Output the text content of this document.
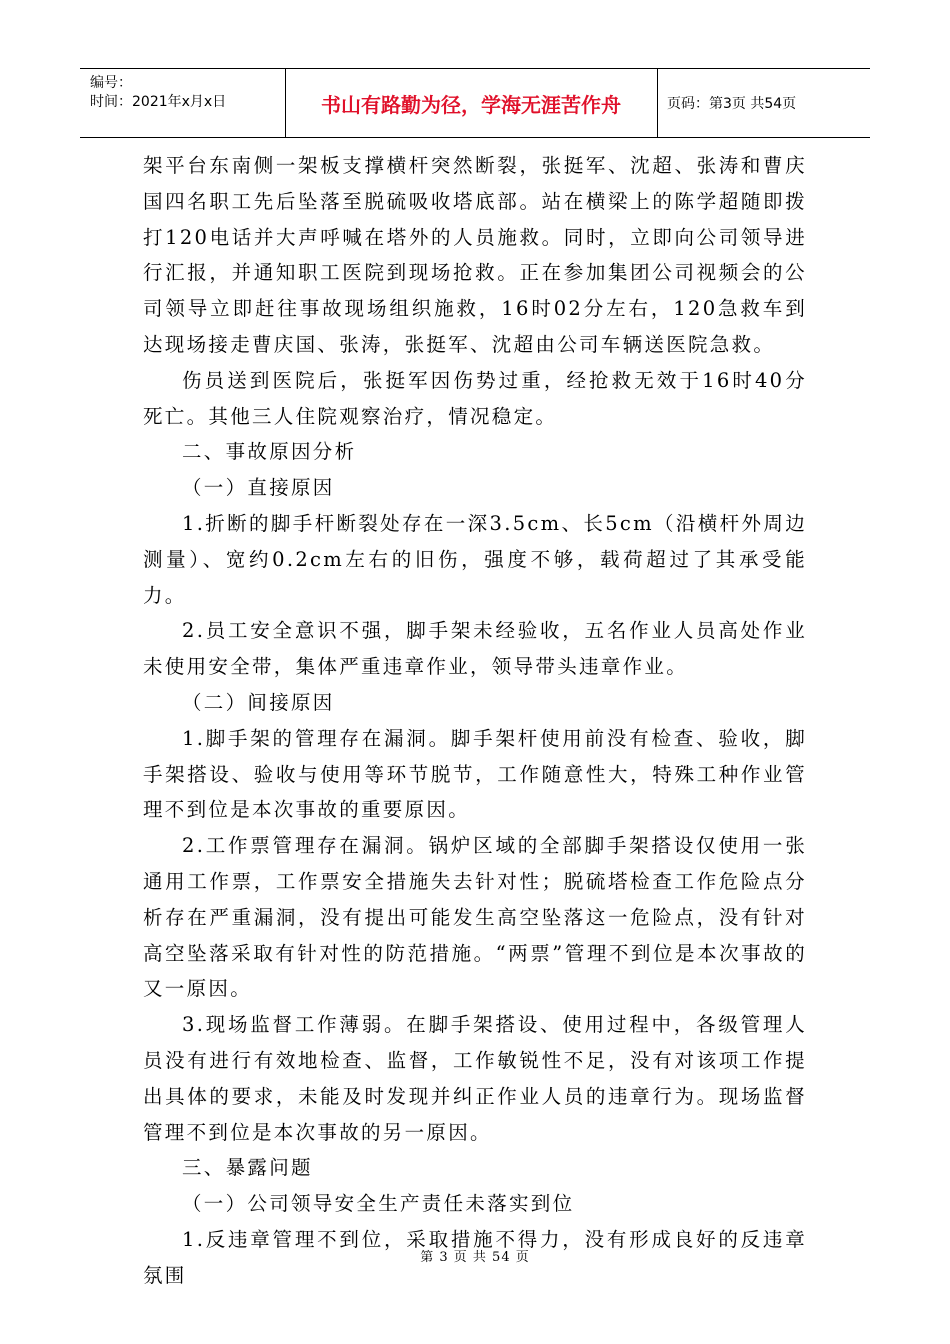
编号：
时间：2021年x月x日	书山有路勤为径，学海无涯苦作舟	页码：第3页 共54页

架平台东南侧一架板支撑横杆突然断裂，张挺军、沈超、张涛和曹庆国四名职工先后坠落至脱硫吸收塔底部。站在横梁上的陈学超随即拨打120电话并大声呼喊在塔外的人员施救。同时，立即向公司领导进行汇报，并通知职工医院到现场抢救。正在参加集团公司视频会的公司领导立即赶往事故现场组织施救，16时02分左右，120急救车到达现场接走曹庆国、张涛，张挺军、沈超由公司车辆送医院急救。

伤员送到医院后，张挺军因伤势过重，经抢救无效于16时40分死亡。其他三人住院观察治疗，情况稳定。

二、事故原因分析

（一）直接原因

1.折断的脚手杆断裂处存在一深3.5cm、长5cm（沿横杆外周边测量）、宽约0.2cm左右的旧伤，强度不够，载荷超过了其承受能力。

2.员工安全意识不强，脚手架未经验收，五名作业人员高处作业未使用安全带，集体严重违章作业，领导带头违章作业。

（二）间接原因

1.脚手架的管理存在漏洞。脚手架杆使用前没有检查、验收，脚手架搭设、验收与使用等环节脱节，工作随意性大，特殊工种作业管理不到位是本次事故的重要原因。

2.工作票管理存在漏洞。锅炉区域的全部脚手架搭设仅使用一张通用工作票，工作票安全措施失去针对性；脱硫塔检查工作危险点分析存在严重漏洞，没有提出可能发生高空坠落这一危险点，没有针对高空坠落采取有针对性的防范措施。“两票”管理不到位是本次事故的又一原因。

3.现场监督工作薄弱。在脚手架搭设、使用过程中，各级管理人员没有进行有效地检查、监督，工作敏锐性不足，没有对该项工作提出具体的要求，未能及时发现并纠正作业人员的违章行为。现场监督管理不到位是本次事故的另一原因。

三、暴露问题

（一）公司领导安全生产责任未落实到位

1.反违章管理不到位，采取措施不得力，没有形成良好的反违章氛围

第 3 页 共 54 页
